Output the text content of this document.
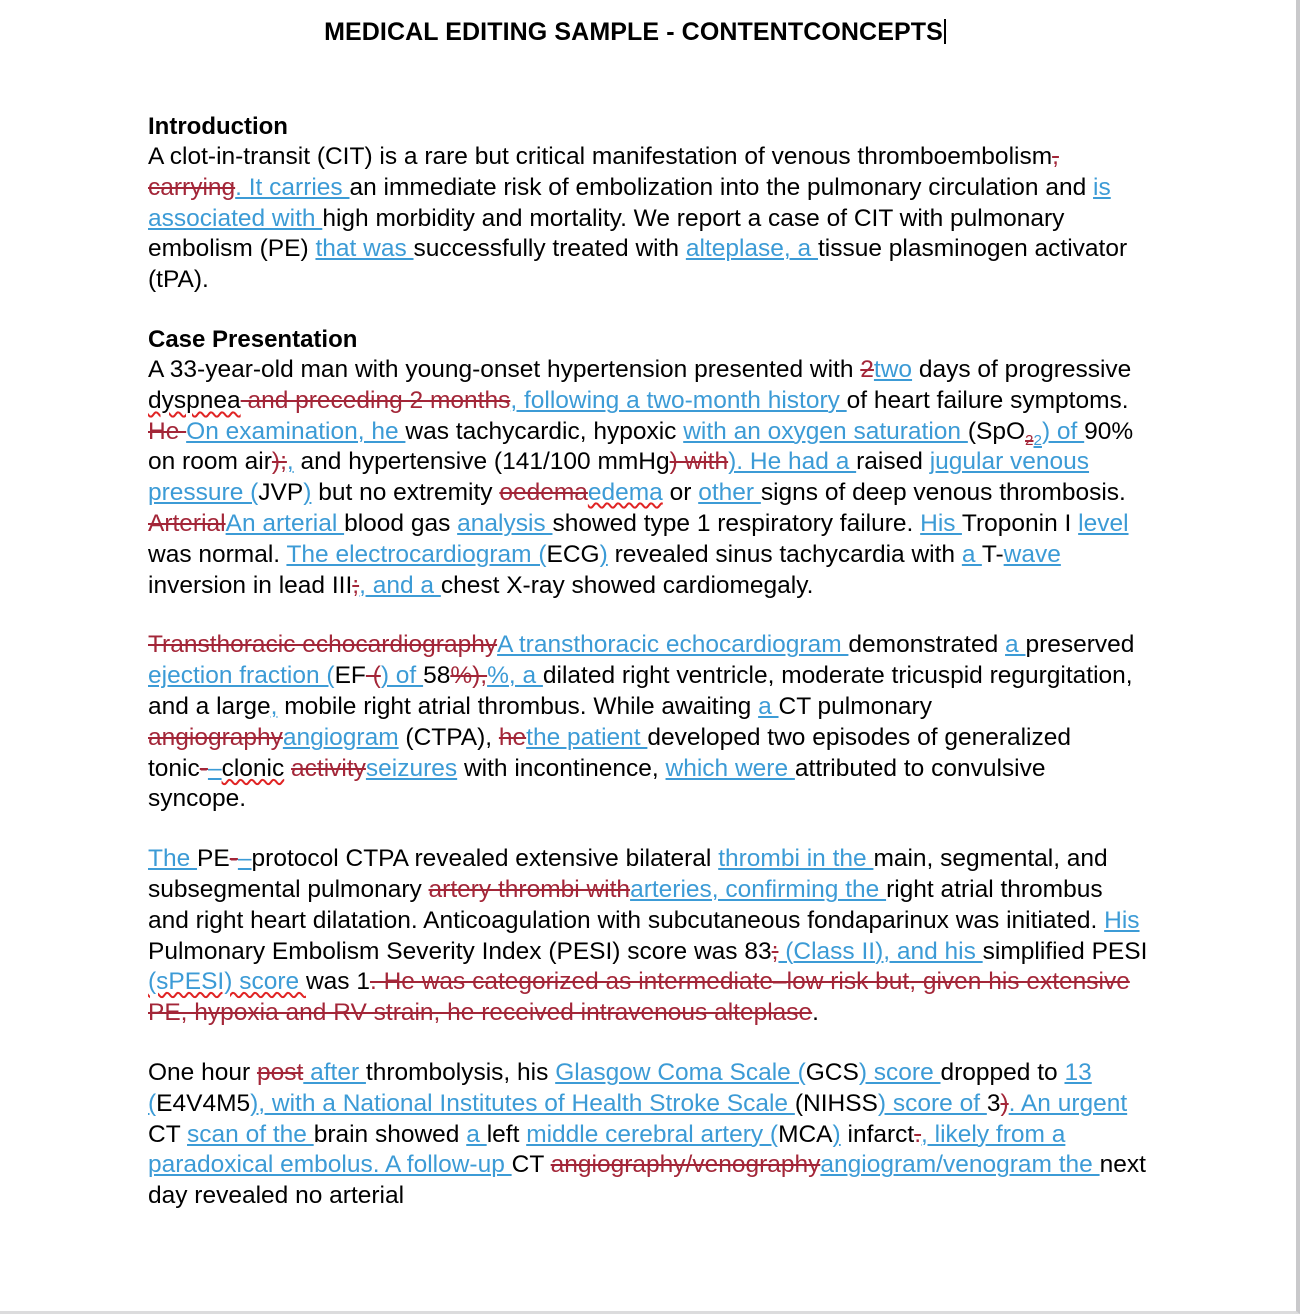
MEDICAL EDITING SAMPLE - CONTENTCONCEPTS
Introduction

A clot-in-transit (CIT) is a rare but critical manifestation of venous thromboembolism, carrying. It carries an immediate risk of embolization into the pulmonary circulation and is associated with high morbidity and mortality. We report a case of CIT with pulmonary embolism (PE) that was successfully treated with alteplase, a tissue plasminogen activator (tPA).

Case Presentation

A 33-year-old man with young-onset hypertension presented with 2two days of progressive dyspnea and preceding 2 months, following a two-month history of heart failure symptoms. He On examination, he was tachycardic, hypoxic with an oxygen saturation (SpO$_{22}$) of 90% on room air);, and hypertensive (141/100 mmHg) with). He had a raised jugular venous pressure (JVP) but no extremity oedemaedema or other signs of deep venous thrombosis. ArterialAn arterial blood gas analysis showed type 1 respiratory failure. His Troponin I level was normal. The electrocardiogram (ECG) revealed sinus tachycardia with a T-wave inversion in lead III;, and a chest X-ray showed cardiomegaly.

Transthoracic echocardiographyA transthoracic echocardiogram demonstrated a preserved ejection fraction (EF () of 58%),%, a dilated right ventricle, moderate tricuspid regurgitation, and a large, mobile right atrial thrombus. While awaiting a CT pulmonary angiographyangiogram (CTPA), hethe patient developed two episodes of generalized tonic-–clonic activityseizures with incontinence, which were attributed to convulsive syncope.

The PE-–protocol CTPA revealed extensive bilateral thrombi in the main, segmental, and subsegmental pulmonary artery thrombi witharteries, confirming the right atrial thrombus and right heart dilatation. Anticoagulation with subcutaneous fondaparinux was initiated. His Pulmonary Embolism Severity Index (PESI) score was 83; (Class II), and his simplified PESI (sPESI) score was 1. He was categorized as intermediate–low risk but, given his extensive PE, hypoxia and RV strain, he received intravenous alteplase.

One hour post after thrombolysis, his Glasgow Coma Scale (GCS) score dropped to 13 (E4V4M5), with a National Institutes of Health Stroke Scale (NIHSS) score of 3). An urgent CT scan of the brain showed a left middle cerebral artery (MCA) infarct., likely from a paradoxical embolus. A follow-up CT angiography/venographyangiogram/venogram the next day revealed no arterial
